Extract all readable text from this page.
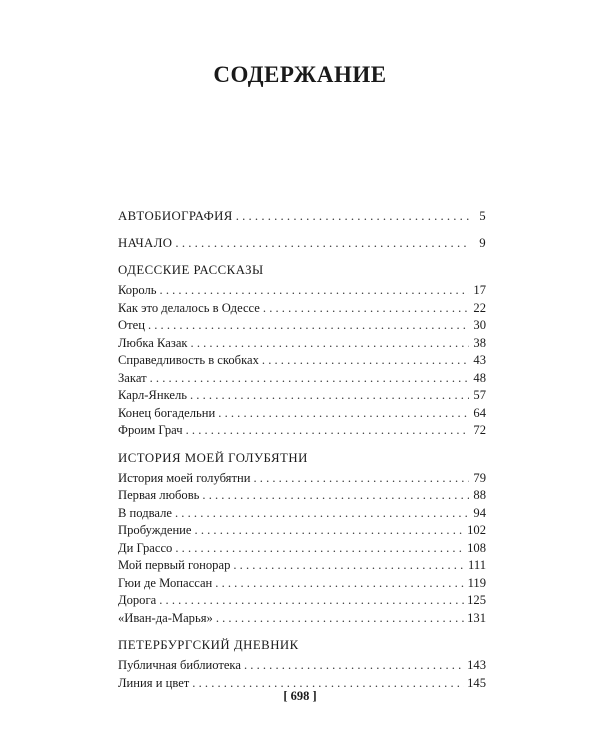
СОДЕРЖАНИЕ
АВТОБИОГРАФИЯ . . .	5
НАЧАЛО . . .	9
ОДЕССКИЕ РАССКАЗЫ
Король . . .	17
Как это делалось в Одессе . . .	22
Отец . . .	30
Любка Казак . . .	38
Справедливость в скобках . . .	43
Закат . . .	48
Карл-Янкель . . .	57
Конец богадельни . . .	64
Фроим Грач . . .	72
ИСТОРИЯ МОЕЙ ГОЛУБЯТНИ
История моей голубятни . . .	79
Первая любовь . . .	88
В подвале . . .	94
Пробуждение . . .	102
Ди Грассо . . .	108
Мой первый гонорар . . .	111
Гюи де Мопассан . . .	119
Дорога . . .	125
«Иван-да-Марья» . . .	131
ПЕТЕРБУРГСКИЙ ДНЕВНИК
Публичная библиотека . . .	143
Линия и цвет . . .	145
[ 698 ]
